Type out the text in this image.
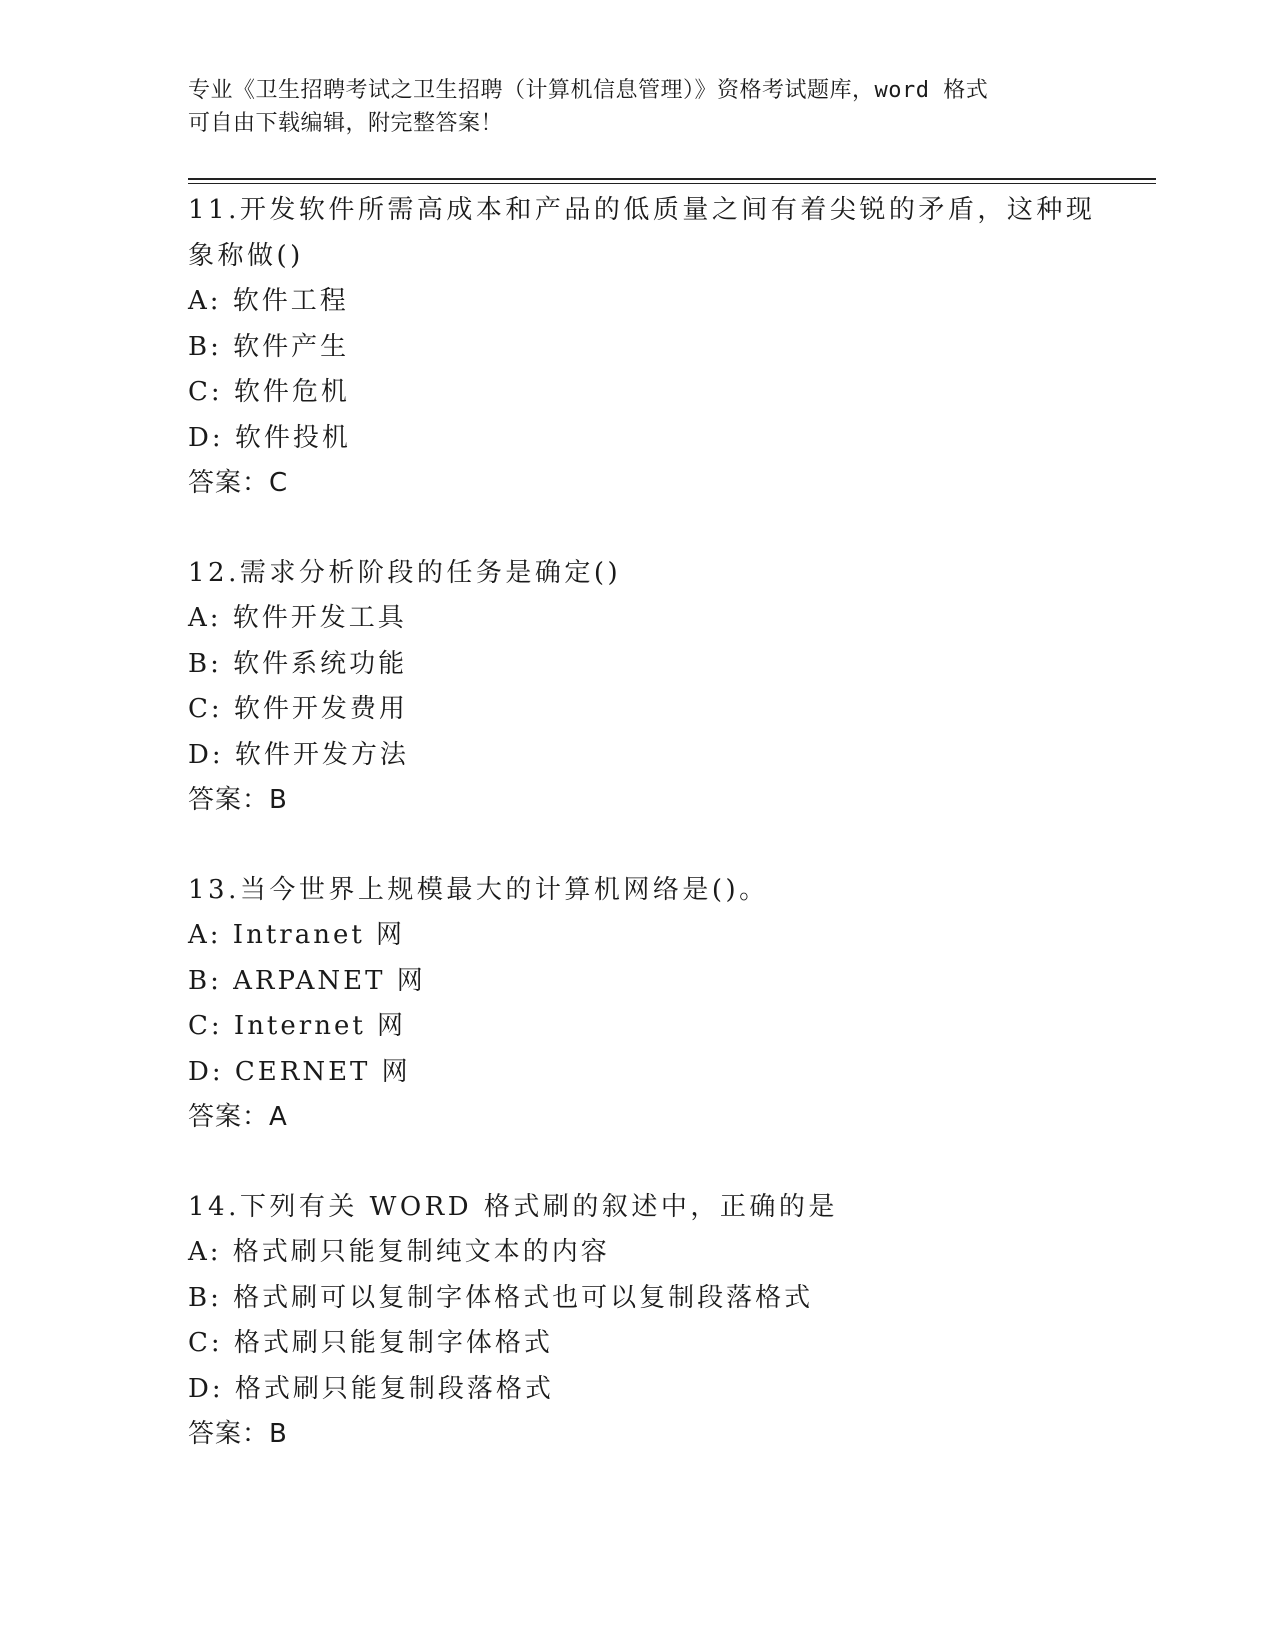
专业《卫生招聘考试之卫生招聘（计算机信息管理）》资格考试题库，word 格式
可自由下载编辑，附完整答案！
11.开发软件所需高成本和产品的低质量之间有着尖锐的矛盾，这种现
象称做()
A: 软件工程
B: 软件产生
C: 软件危机
D: 软件投机
答案：C
12.需求分析阶段的任务是确定()
A: 软件开发工具
B: 软件系统功能
C: 软件开发费用
D: 软件开发方法
答案：B
13.当今世界上规模最大的计算机网络是()。
A: Intranet 网
B: ARPANET 网
C: Internet 网
D: CERNET 网
答案：A
14.下列有关 WORD 格式刷的叙述中，正确的是
A: 格式刷只能复制纯文本的内容
B: 格式刷可以复制字体格式也可以复制段落格式
C: 格式刷只能复制字体格式
D: 格式刷只能复制段落格式
答案：B
